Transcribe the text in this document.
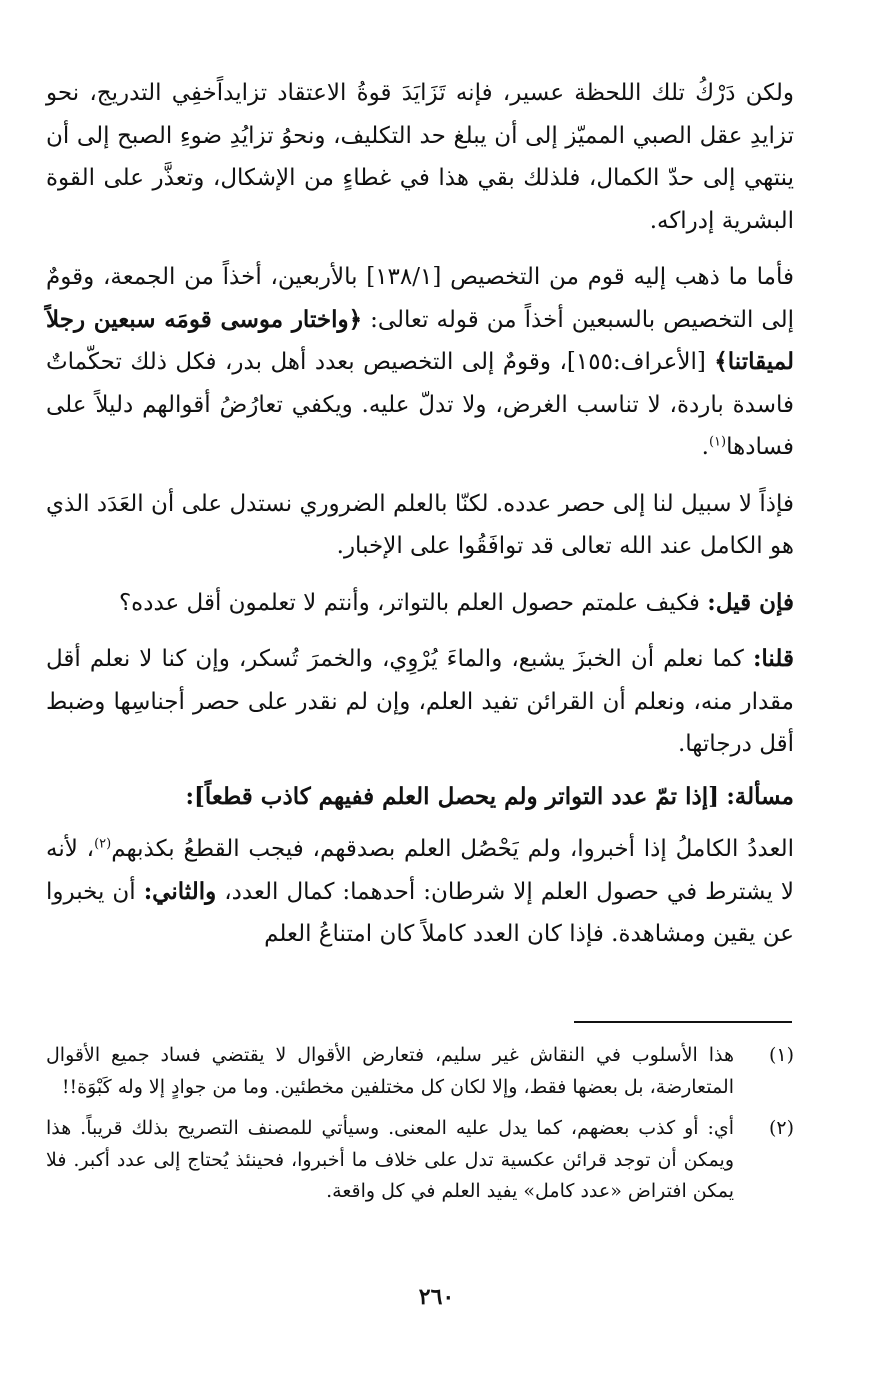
ولكن دَرْكُ تلك اللحظة عسير، فإنه تَزَايَدَ قوةُ الاعتقاد تزايداًخفِي التدريج، نحو تزايدِ عقل الصبي المميّز إلى أن يبلغ حد التكليف، ونحوُ تزايُدِ ضوءِ الصبح إلى أن ينتهي إلى حدّ الكمال، فلذلك بقي هذا في غطاءٍ من الإشكال، وتعذَّر على القوة البشرية إدراكه.

فأما ما ذهب إليه قوم من التخصيص [١٣٨/١] بالأربعين، أخذاً من الجمعة، وقومٌ إلى التخصيص بالسبعين أخذاً من قوله تعالى: ﴿واختار موسى قومَه سبعين رجلاً لميقاتنا﴾ [الأعراف:١٥٥]، وقومٌ إلى التخصيص بعدد أهل بدر، فكل ذلك تحكّماتٌ فاسدة باردة، لا تناسب الغرض، ولا تدلّ عليه. ويكفي تعارُضُ أقوالهم دليلاً على فسادها$^{(١)}$.

فإذاً لا سبيل لنا إلى حصر عدده. لكنّا بالعلم الضروري نستدل على أن العَدَد الذي هو الكامل عند الله تعالى قد توافَقُوا على الإخبار.

فإن قيل: فكيف علمتم حصول العلم بالتواتر، وأنتم لا تعلمون أقل عدده؟

قلنا: كما نعلم أن الخبزَ يشبع، والماءَ يُرْوِي، والخمرَ تُسكر، وإن كنا لا نعلم أقل مقدار منه، ونعلم أن القرائن تفيد العلم، وإن لم نقدر على حصر أجناسِها وضبط أقل درجاتها.

مسألة: [إذا تمّ عدد التواتر ولم يحصل العلم ففيهم كاذب قطعاً]:

العددُ الكاملُ إذا أخبروا، ولم يَحْصُل العلم بصدقهم، فيجب القطعُ بكذبهم$^{(٢)}$، لأنه لا يشترط في حصول العلم إلا شرطان: أحدهما: كمال العدد، والثاني: أن يخبروا عن يقين ومشاهدة. فإذا كان العدد كاملاً كان امتناعُ العلم

(١)
هذا الأسلوب في النقاش غير سليم، فتعارض الأقوال لا يقتضي فساد جميع الأقوال المتعارضة، بل بعضها فقط، وإلا لكان كل مختلفين مخطئين. وما من جوادٍ إلا وله كَبْوَة!!
(٢)
أي: أو كذب بعضهم، كما يدل عليه المعنى. وسيأتي للمصنف التصريح بذلك قريباً. هذا ويمكن أن توجد قرائن عكسية تدل على خلاف ما أخبروا، فحينئذ يُحتاج إلى عدد أكبر. فلا يمكن افتراض «عدد كامل» يفيد العلم في كل واقعة.
٢٦٠
